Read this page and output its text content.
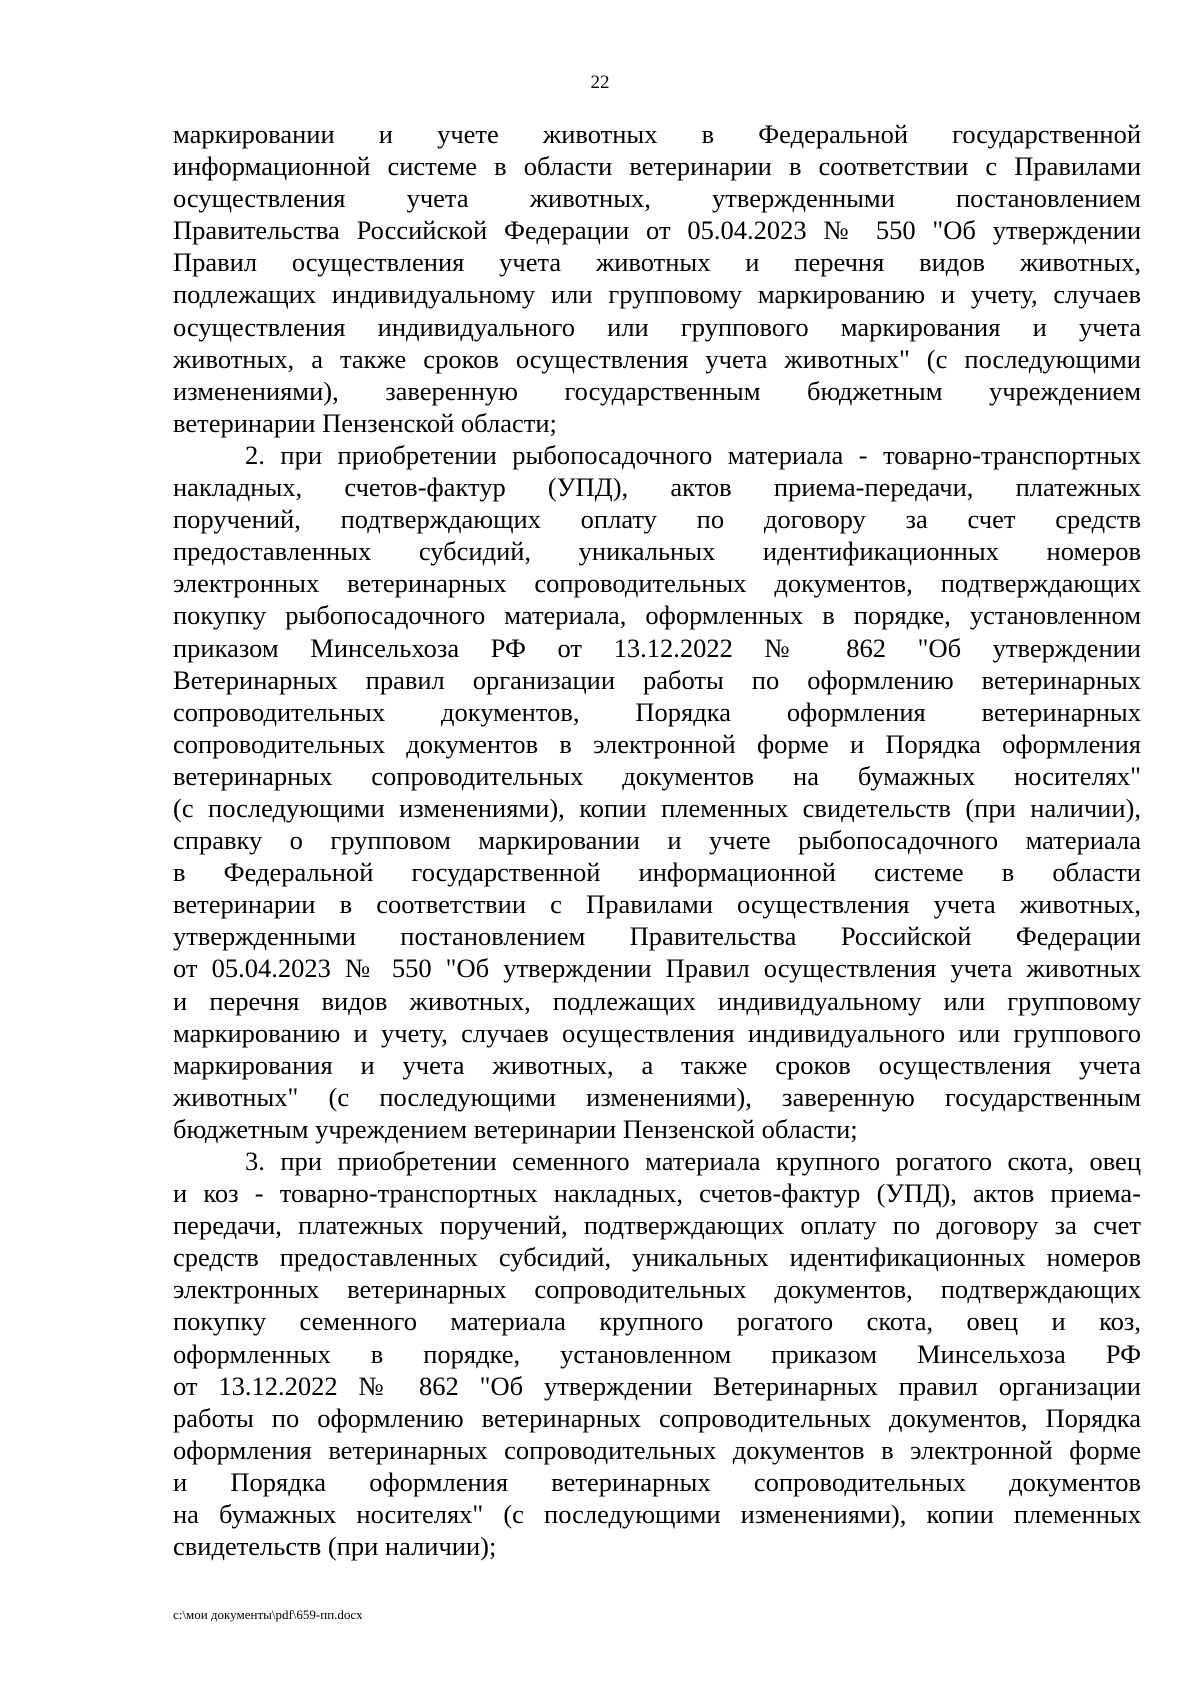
22
маркировании и учете животных в Федеральной государственной
информационной системе в области ветеринарии в соответствии с Правилами
осуществления учета животных, утвержденными постановлением
Правительства Российской Федерации от 05.04.2023 № 550 "Об утверждении
Правил осуществления учета животных и перечня видов животных,
подлежащих индивидуальному или групповому маркированию и учету, случаев
осуществления индивидуального или группового маркирования и учета
животных, а также сроков осуществления учета животных" (с последующими
изменениями), заверенную государственным бюджетным учреждением
ветеринарии Пензенской области;
2. при приобретении рыбопосадочного материала - товарно-транспортных
накладных, счетов-фактур (УПД), актов приема-передачи, платежных
поручений, подтверждающих оплату по договору за счет средств
предоставленных субсидий, уникальных идентификационных номеров
электронных ветеринарных сопроводительных документов, подтверждающих
покупку рыбопосадочного материала, оформленных в порядке, установленном
приказом Минсельхоза РФ от 13.12.2022 № 862 "Об утверждении
Ветеринарных правил организации работы по оформлению ветеринарных
сопроводительных документов, Порядка оформления ветеринарных
сопроводительных документов в электронной форме и Порядка оформления
ветеринарных сопроводительных документов на бумажных носителях"
(с последующими изменениями), копии племенных свидетельств (при наличии),
справку о групповом маркировании и учете рыбопосадочного материала
в Федеральной государственной информационной системе в области
ветеринарии в соответствии с Правилами осуществления учета животных,
утвержденными постановлением Правительства Российской Федерации
от 05.04.2023 № 550 "Об утверждении Правил осуществления учета животных
и перечня видов животных, подлежащих индивидуальному или групповому
маркированию и учету, случаев осуществления индивидуального или группового
маркирования и учета животных, а также сроков осуществления учета
животных" (с последующими изменениями), заверенную государственным
бюджетным учреждением ветеринарии Пензенской области;
3. при приобретении семенного материала крупного рогатого скота, овец
и коз - товарно-транспортных накладных, счетов-фактур (УПД), актов приема-
передачи, платежных поручений, подтверждающих оплату по договору за счет
средств предоставленных субсидий, уникальных идентификационных номеров
электронных ветеринарных сопроводительных документов, подтверждающих
покупку семенного материала крупного рогатого скота, овец и коз,
оформленных в порядке, установленном приказом Минсельхоза РФ
от 13.12.2022 № 862 "Об утверждении Ветеринарных правил организации
работы по оформлению ветеринарных сопроводительных документов, Порядка
оформления ветеринарных сопроводительных документов в электронной форме
и Порядка оформления ветеринарных сопроводительных документов
на бумажных носителях" (с последующими изменениями), копии племенных
свидетельств (при наличии);
c:\мои документы\pdf\659-пп.docx
